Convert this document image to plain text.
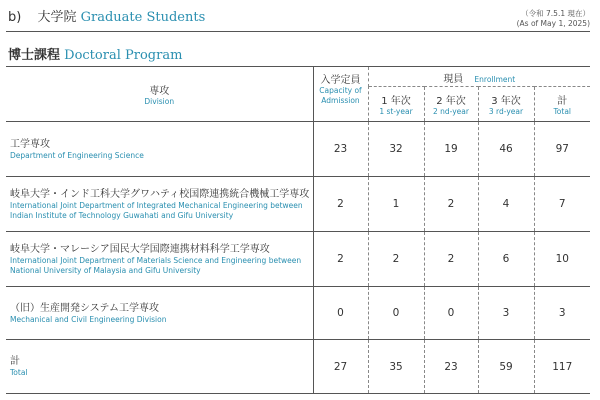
b) 大学院 Graduate Students	（令和 7.5.1 現在）
(As of May 1, 2025)
博士課程 Doctoral Program
専攻
Division

入学定員
Capacity of
Admission
	現員 Enrollment

1 年次
1 st-year

2 年次
2 nd-year

3 年次
3 rd-year

計
Total

工学専攻
Department of Engineering Science	23	32	19	46	97

岐阜大学・インド工科大学グワハティ校国際連携統合機械工学専攻
International Joint Department of Integrated Mechanical Engineering between
Indian Institute of Technology Guwahati and Gifu University	2	1	2	4	7

岐阜大学・マレーシア国民大学国際連携材料科学工学専攻
International Joint Department of Materials Science and Engineering between
National University of Malaysia and Gifu University	2	2	2	6	10

（旧）生産開発システム工学専攻
Mechanical and Civil Engineering Division	0	0	0	3	3

計
Total	27	35	23	59	117
